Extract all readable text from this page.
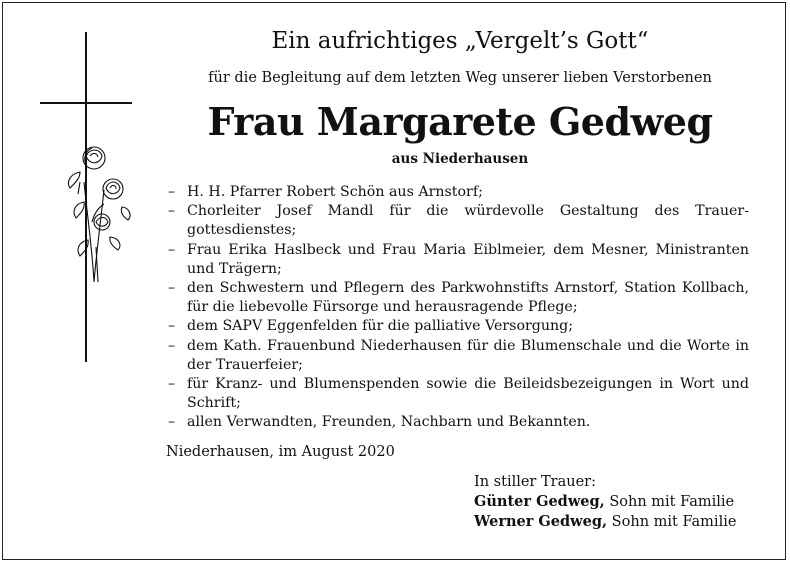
Ein aufrichtiges „Vergelt’s Gott“
für die Begleitung auf dem letzten Weg unserer lieben Verstorbenen
Frau Margarete Gedweg
aus Niederhausen
– H. H. Pfarrer Robert Schön aus Arnstorf;
– Chorleiter Josef Mandl für die würdevolle Gestaltung des Trauergottesdienstes;
– Frau Erika Haslbeck und Frau Maria Eiblmeier, dem Mesner, Ministranten und Trägern;
– den Schwestern und Pflegern des Parkwohnstifts Arnstorf, Station Kollbach, für die liebevolle Fürsorge und herausragende Pflege;
– dem SAPV Eggenfelden für die palliative Versorgung;
– dem Kath. Frauenbund Niederhausen für die Blumenschale und die Worte in der Trauerfeier;
– für Kranz- und Blumenspenden sowie die Beileidsbezeigungen in Wort und Schrift;
– allen Verwandten, Freunden, Nachbarn und Bekannten.
Niederhausen, im August 2020
In stiller Trauer:
Günter Gedweg, Sohn mit Familie
Werner Gedweg, Sohn mit Familie
